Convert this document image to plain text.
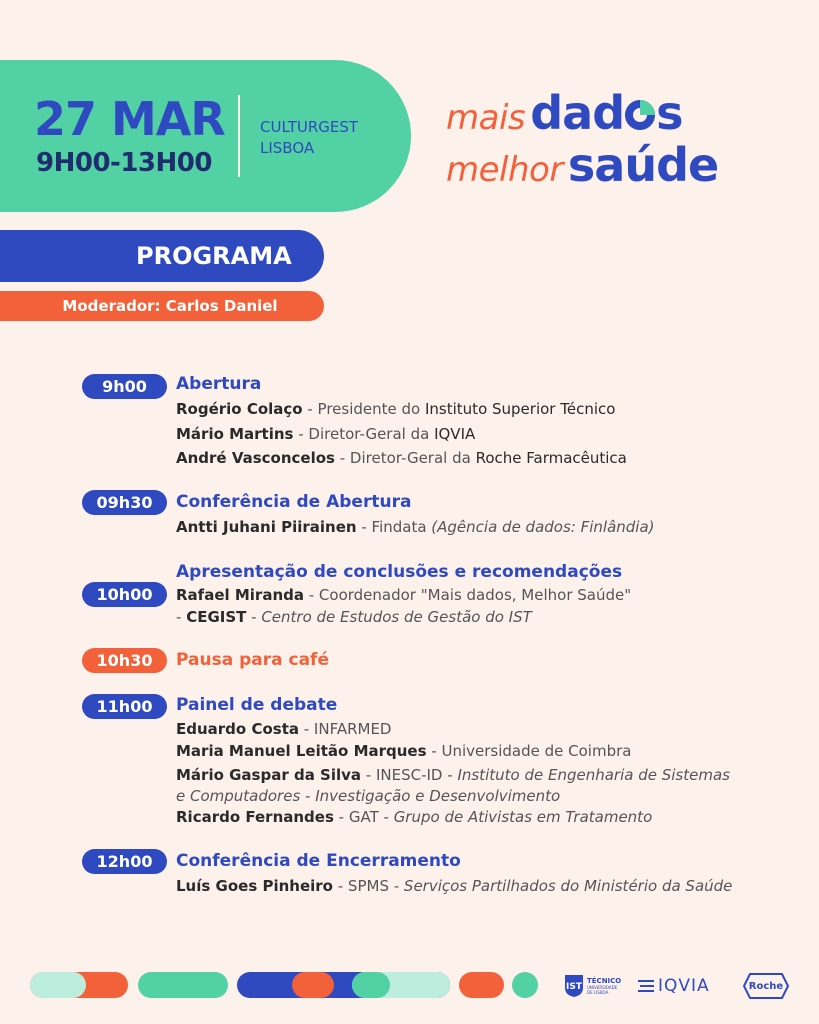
27 MAR
9H00-13H00
CULTURGEST
LISBOA
mais dad s
melhor saúde
PROGRAMA
Moderador: Carlos Daniel
9h00	Abertura
Rogério Colaço - Presidente do Instituto Superior Técnico
Mário Martins - Diretor-Geral da IQVIA
André Vasconcelos - Diretor-Geral da Roche Farmacêutica
09h30	Conferência de Abertura
Antti Juhani Piirainen - Findata (Agência de dados: Finlândia)
Apresentação de conclusões e recomendações
10h00	Rafael Miranda - Coordenador "Mais dados, Melhor Saúde"
- CEGIST - Centro de Estudos de Gestão do IST
10h30	Pausa para café
11h00	Painel de debate
Eduardo Costa - INFARMED
Maria Manuel Leitão Marques - Universidade de Coimbra
Mário Gaspar da Silva - INESC-ID - Instituto de Engenharia de Sistemas
e Computadores - Investigação e Desenvolvimento
Ricardo Fernandes - GAT - Grupo de Ativistas em Tratamento
12h00	Conferência de Encerramento
Luís Goes Pinheiro - SPMS - Serviços Partilhados do Ministério da Saúde
IST
TÉCNICO
UNIVERSIDADE DE LISBOA	IQVIA	Roche
